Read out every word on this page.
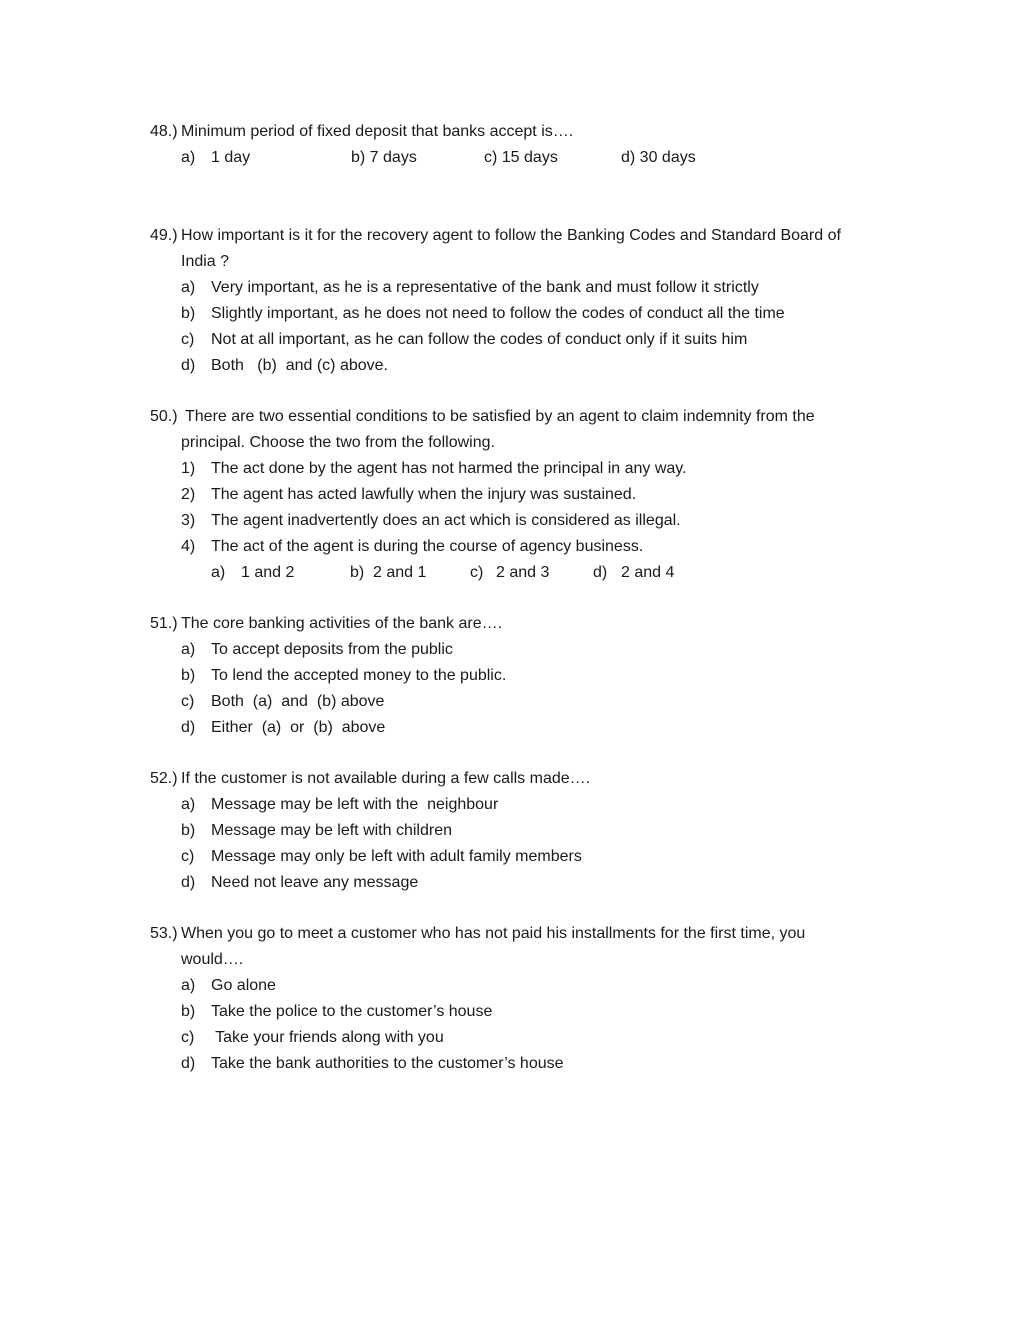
48.) Minimum period of fixed deposit that banks accept is….
a) 1 day	b) 7 days	c) 15 days	d) 30 days
49.) How important is it for the recovery agent to follow the Banking Codes and Standard Board of
India ?
a) Very important, as he is a representative of the bank and must follow it strictly
b) Slightly important, as he does not need to follow the codes of conduct all the time
c) Not at all important, as he can follow the codes of conduct only if it suits him
d) Both   (b)  and (c) above.
50.) There are two essential conditions to be satisfied by an agent to claim indemnity from the
principal. Choose the two from the following.
1) The act done by the agent has not harmed the principal in any way.
2) The agent has acted lawfully when the injury was sustained.
3) The agent inadvertently does an act which is considered as illegal.
4) The act of the agent is during the course of agency business.
a) 1 and 2	b) 2 and 1	c) 2 and 3	d) 2 and 4
51.) The core banking activities of the bank are….
a) To accept deposits from the public
b) To lend the accepted money to the public.
c) Both  (a)  and  (b) above
d) Either  (a)  or  (b)  above
52.) If the customer is not available during a few calls made….
a) Message may be left with the  neighbour
b) Message may be left with children
c) Message may only be left with adult family members
d) Need not leave any message
53.) When you go to meet a customer who has not paid his installments for the first time, you
would….
a) Go alone
b) Take the police to the customer’s house
c) Take your friends along with you
d) Take the bank authorities to the customer’s house
